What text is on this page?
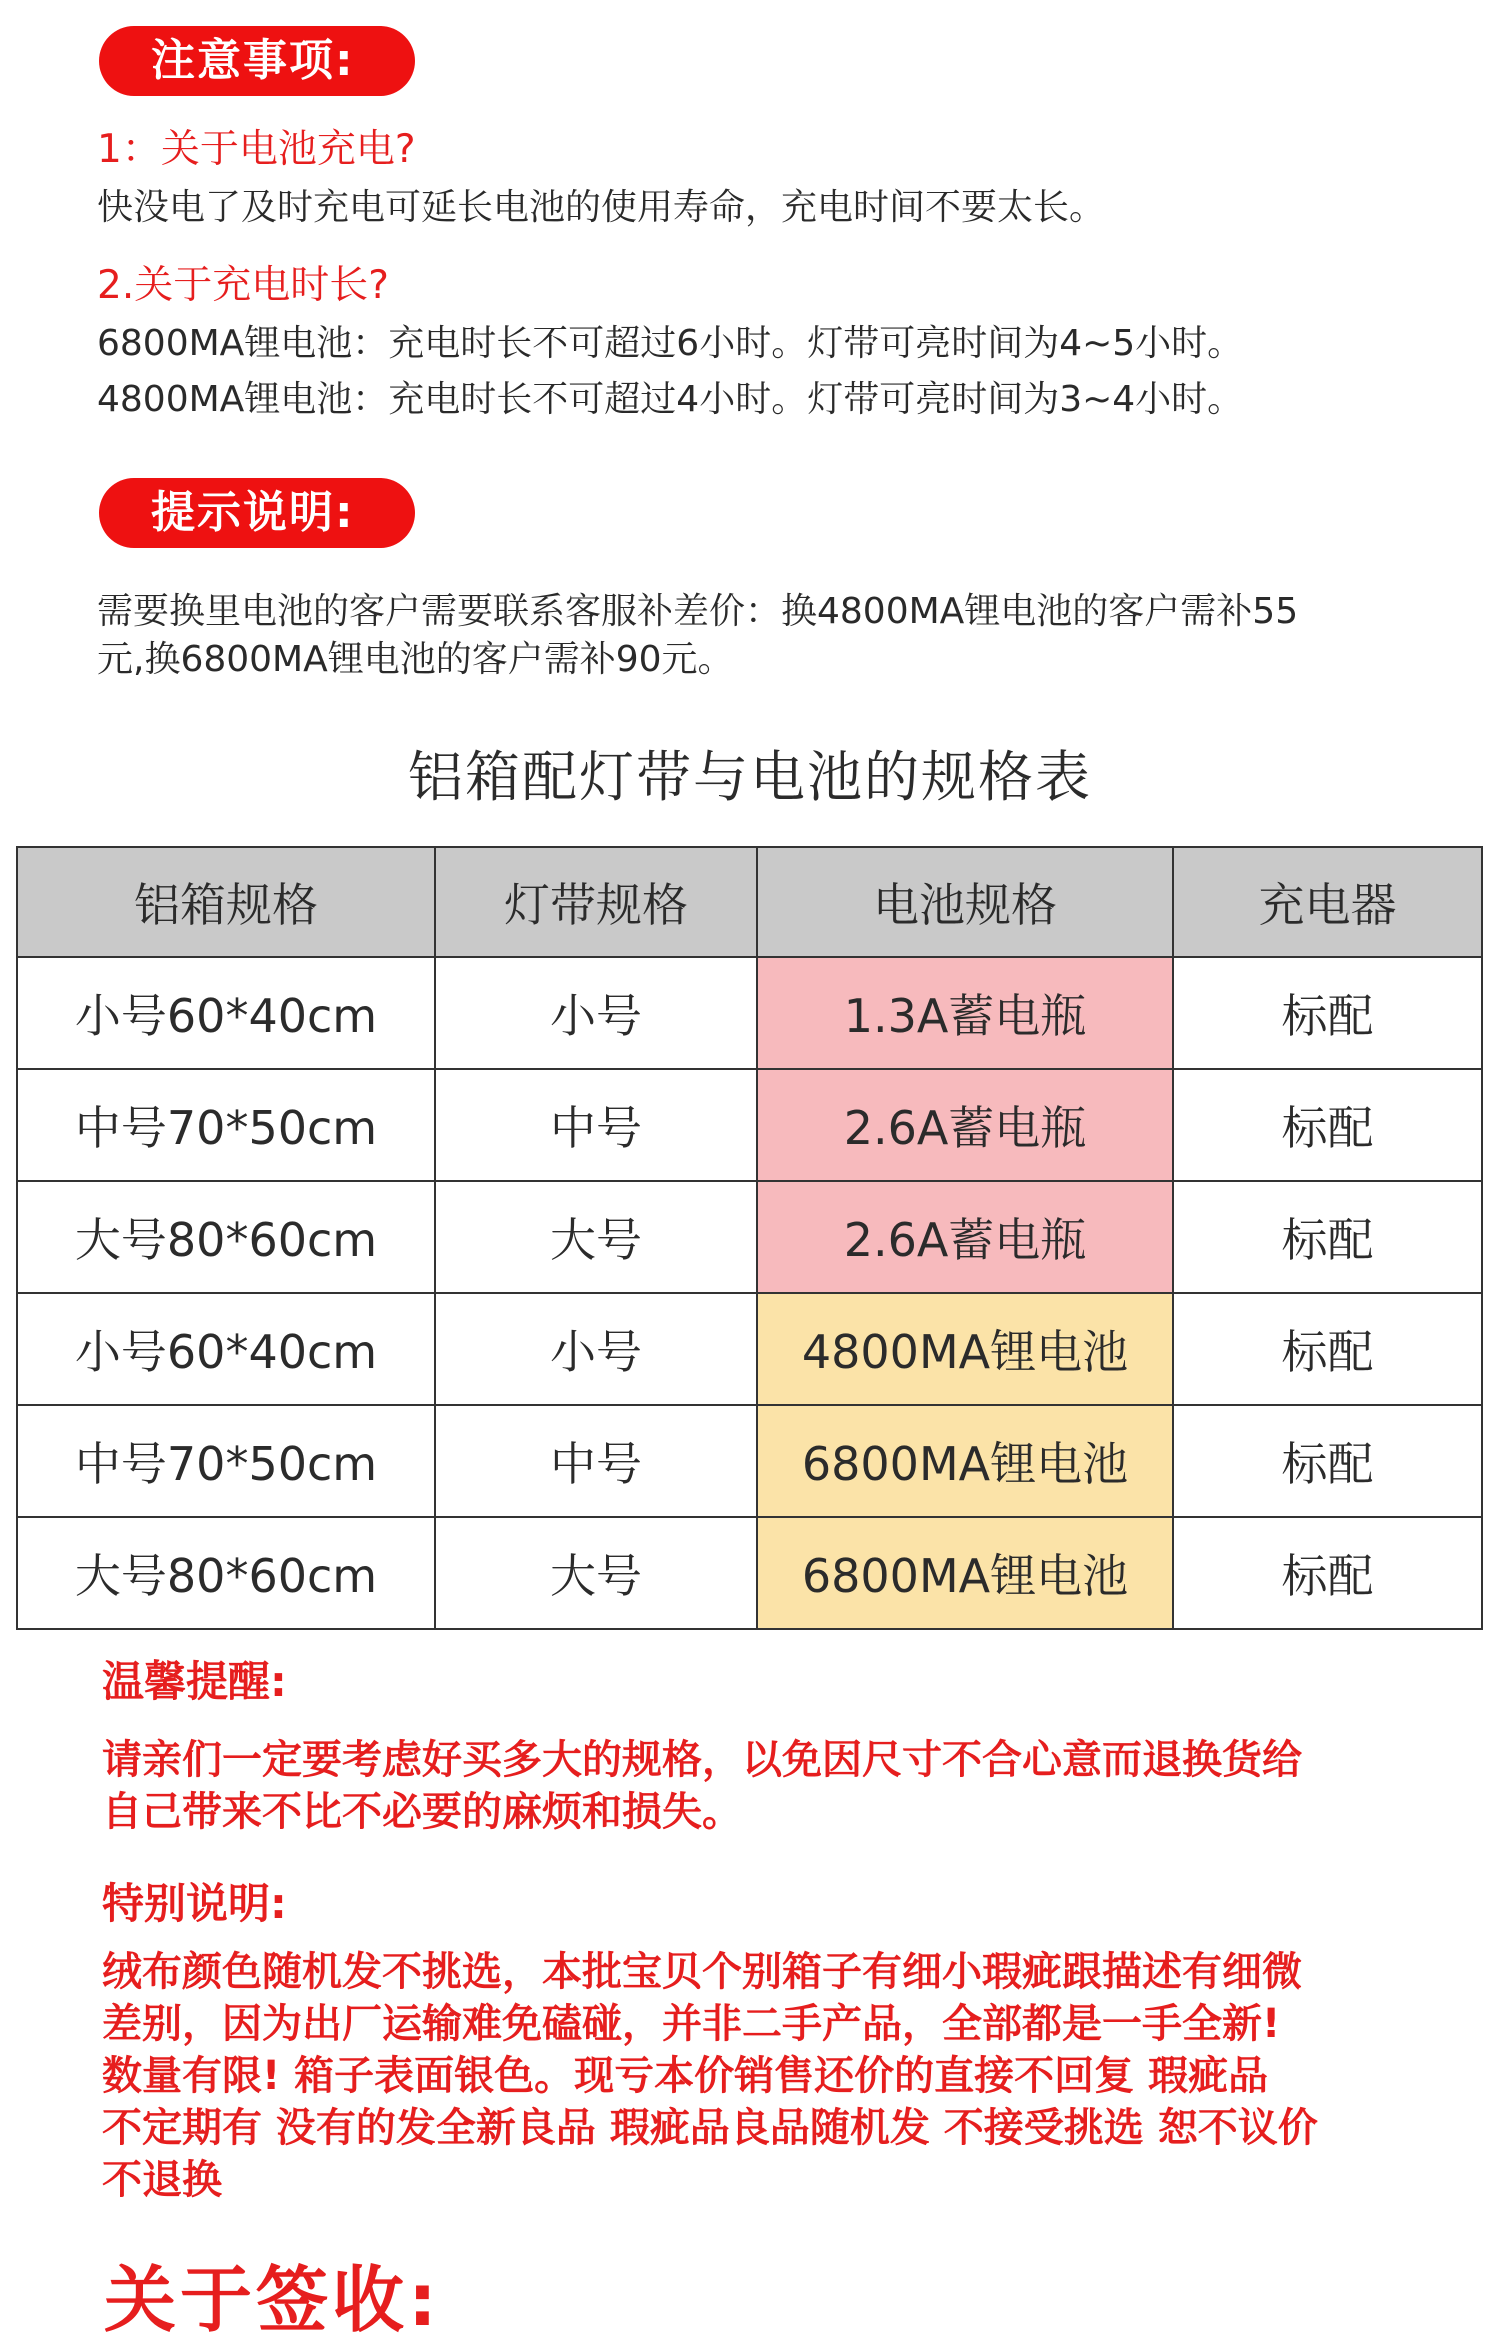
注意事项:
1：关于电池充电?
快没电了及时充电可延长电池的使用寿命，充电时间不要太长。
2.关于充电时长?
6800MA锂电池：充电时长不可超过6小时。灯带可亮时间为4~5小时。
4800MA锂电池：充电时长不可超过4小时。灯带可亮时间为3~4小时。
提示说明:
需要换里电池的客户需要联系客服补差价：换4800MA锂电池的客户需补55
元,换6800MA锂电池的客户需补90元。
铝箱配灯带与电池的规格表
铝箱规格	灯带规格	电池规格	充电器
小号60*40cm	小号	1.3A蓄电瓶	标配
中号70*50cm	中号	2.6A蓄电瓶	标配
大号80*60cm	大号	2.6A蓄电瓶	标配
小号60*40cm	小号	4800MA锂电池	标配
中号70*50cm	中号	6800MA锂电池	标配
大号80*60cm	大号	6800MA锂电池	标配
温馨提醒:
请亲们一定要考虑好买多大的规格，以免因尺寸不合心意而退换货给
自己带来不比不必要的麻烦和损失。
特别说明:
绒布颜色随机发不挑选，本批宝贝个别箱子有细小瑕疵跟描述有细微
差别，因为出厂运输难免磕碰，并非二手产品，全部都是一手全新!
数量有限! 箱子表面银色。现亏本价销售还价的直接不回复 瑕疵品
不定期有 没有的发全新良品 瑕疵品良品随机发 不接受挑选 恕不议价
不退换
关于签收:
